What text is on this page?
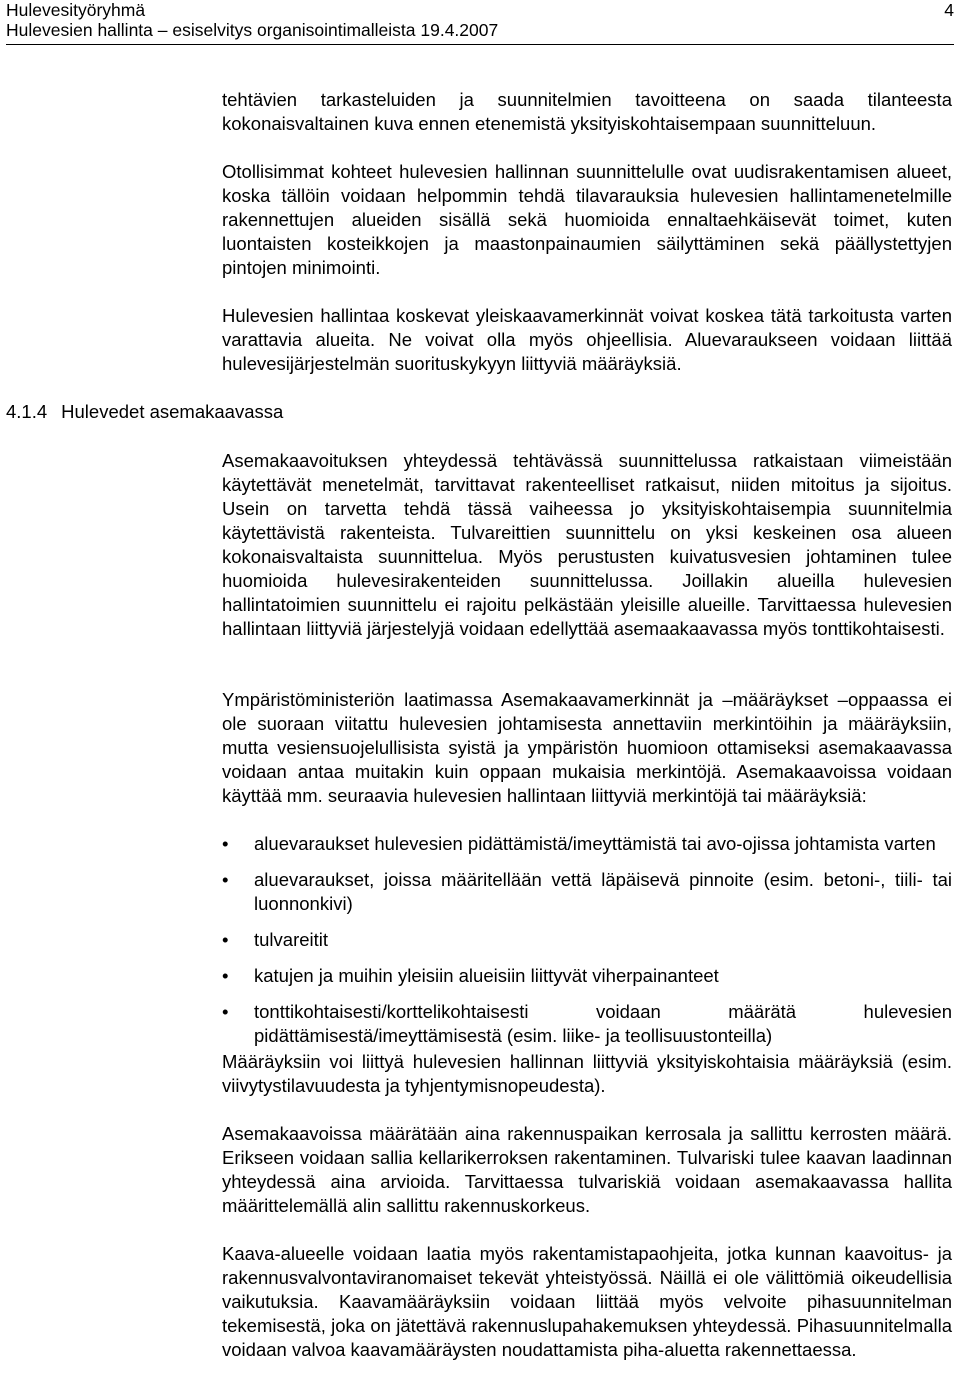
Hulevesityöryhmä
Hulevesien hallinta – esiselvitys organisointimalleista 19.4.2007
4

tehtävien tarkasteluiden ja suunnitelmien tavoitteena on saada tilanteesta kokonaisvaltainen kuva ennen etenemistä yksityiskohtaisempaan suunnitteluun.

Otollisimmat kohteet hulevesien hallinnan suunnittelulle ovat uudisrakentamisen alueet, koska tällöin voidaan helpommin tehdä tilavarauksia hulevesien hallintamenetelmille rakennettujen alueiden sisällä sekä huomioida ennaltaehkäisevät toimet, kuten luontaisten kosteikkojen ja maastonpainaumien säilyttäminen sekä päällystettyjen pintojen minimointi.

Hulevesien hallintaa koskevat yleiskaavamerkinnät voivat koskea tätä tarkoitusta varten varattavia alueita. Ne voivat olla myös ohjeellisia. Aluevaraukseen voidaan liittää hulevesijärjestelmän suorituskykyyn liittyviä määräyksiä.

4.1.4 Hulevedet asemakaavassa

Asemakaavoituksen yhteydessä tehtävässä suunnittelussa ratkaistaan viimeistään käytettävät menetelmät, tarvittavat rakenteelliset ratkaisut, niiden mitoitus ja sijoitus. Usein on tarvetta tehdä tässä vaiheessa jo yksityiskohtaisempia suunnitelmia käytettävistä rakenteista. Tulvareittien suunnittelu on yksi keskeinen osa alueen kokonaisvaltaista suunnittelua. Myös perustusten kuivatusvesien johtaminen tulee huomioida hulevesirakenteiden suunnittelussa. Joillakin alueilla hulevesien hallintatoimien suunnittelu ei rajoitu pelkästään yleisille alueille. Tarvittaessa hulevesien hallintaan liittyviä järjestelyjä voidaan edellyttää asemaakaavassa myös tonttikohtaisesti.

Ympäristöministeriön laatimassa Asemakaavamerkinnät ja –määräykset –oppaassa ei ole suoraan viitattu hulevesien johtamisesta annettaviin merkintöihin ja määräyksiin, mutta vesiensuojelullisista syistä ja ympäristön huomioon ottamiseksi asemakaavassa voidaan antaa muitakin kuin oppaan mukaisia merkintöjä. Asemakaavoissa voidaan käyttää mm. seuraavia hulevesien hallintaan liittyviä merkintöjä tai määräyksiä:

• aluevaraukset hulevesien pidättämistä/imeyttämistä tai avo-ojissa johtamista varten
• aluevaraukset, joissa määritellään vettä läpäisevä pinnoite (esim. betoni-, tiili- tai luonnonkivi)
• tulvareitit
• katujen ja muihin yleisiin alueisiin liittyvät viherpainanteet
• tonttikohtaisesti/korttelikohtaisesti voidaan määrätä hulevesien pidättämisestä/imeyttämisestä (esim. liike- ja teollisuustonteilla)

Määräyksiin voi liittyä hulevesien hallinnan liittyviä yksityiskohtaisia määräyksiä (esim. viivytystilavuudesta ja tyhjentymisnopeudesta).

Asemakaavoissa määrätään aina rakennuspaikan kerrosala ja sallittu kerrosten määrä. Erikseen voidaan sallia kellarikerroksen rakentaminen. Tulvariski tulee kaavan laadinnan yhteydessä aina arvioida. Tarvittaessa tulvariskiä voidaan asemakaavassa hallita määrittelemällä alin sallittu rakennuskorkeus.

Kaava-alueelle voidaan laatia myös rakentamistapaohjeita, jotka kunnan kaavoitus- ja rakennusvalvontaviranomaiset tekevät yhteistyössä. Näillä ei ole välittömiä oikeudellisia vaikutuksia. Kaavamääräyksiin voidaan liittää myös velvoite pihasuunnitelman tekemisestä, joka on jätettävä rakennuslupahakemuksen yhteydessä. Pihasuunnitelmalla voidaan valvoa kaavamääräysten noudattamista piha-aluetta rakennettaessa.
